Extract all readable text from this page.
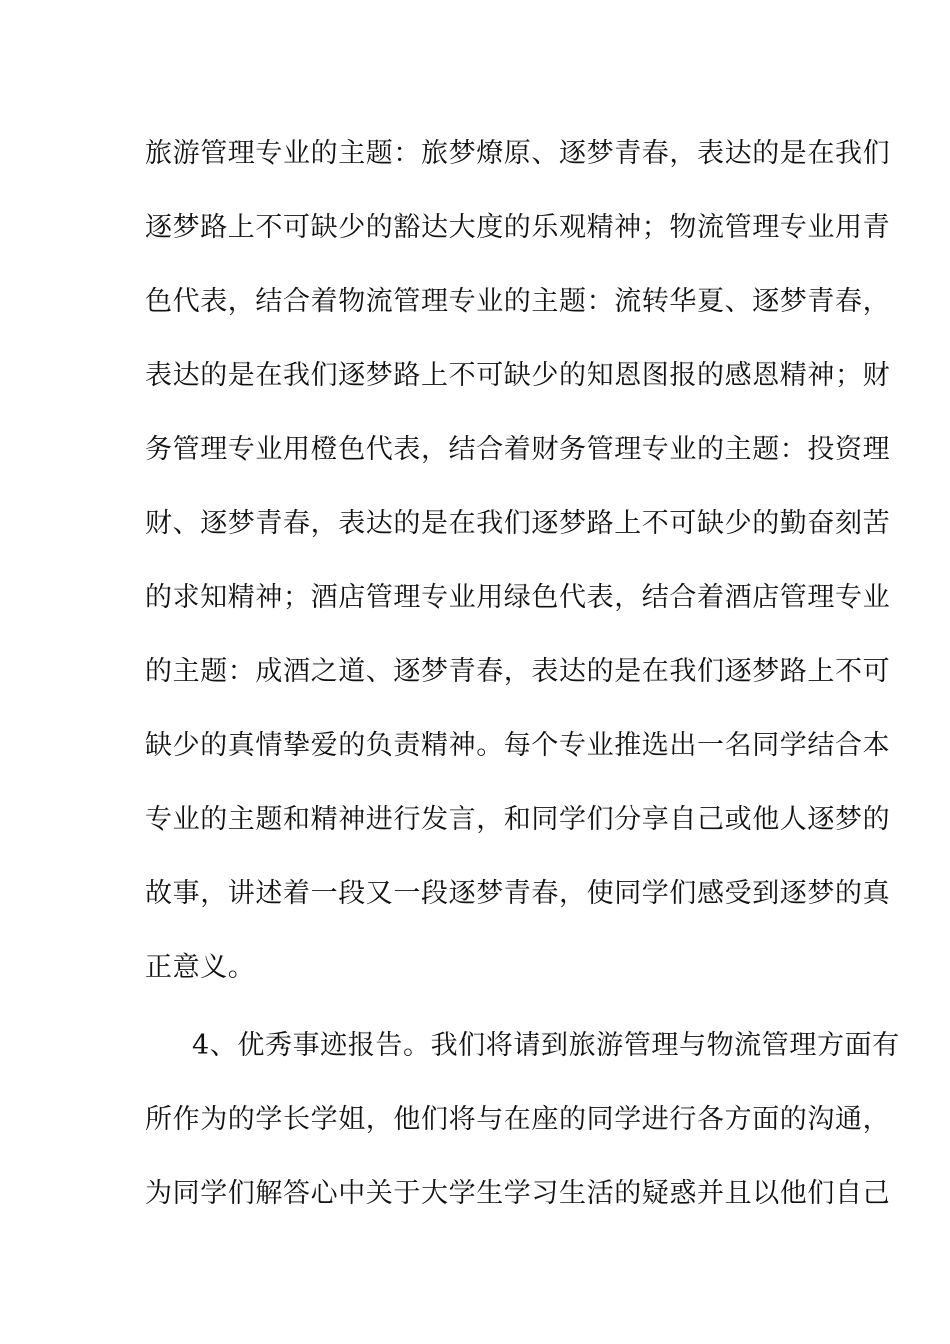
旅游管理专业的主题：旅梦燎原、逐梦青春，表达的是在我们
逐梦路上不可缺少的豁达大度的乐观精神；物流管理专业用青
色代表，结合着物流管理专业的主题：流转华夏、逐梦青春，
表达的是在我们逐梦路上不可缺少的知恩图报的感恩精神；财
务管理专业用橙色代表，结合着财务管理专业的主题：投资理
财、逐梦青春，表达的是在我们逐梦路上不可缺少的勤奋刻苦
的求知精神；酒店管理专业用绿色代表，结合着酒店管理专业
的主题：成酒之道、逐梦青春，表达的是在我们逐梦路上不可
缺少的真情挚爱的负责精神。每个专业推选出一名同学结合本
专业的主题和精神进行发言，和同学们分享自己或他人逐梦的
故事，讲述着一段又一段逐梦青春，使同学们感受到逐梦的真
正意义。
4、优秀事迹报告。我们将请到旅游管理与物流管理方面有
所作为的学长学姐，他们将与在座的同学进行各方面的沟通，
为同学们解答心中关于大学生学习生活的疑惑并且以他们自己
